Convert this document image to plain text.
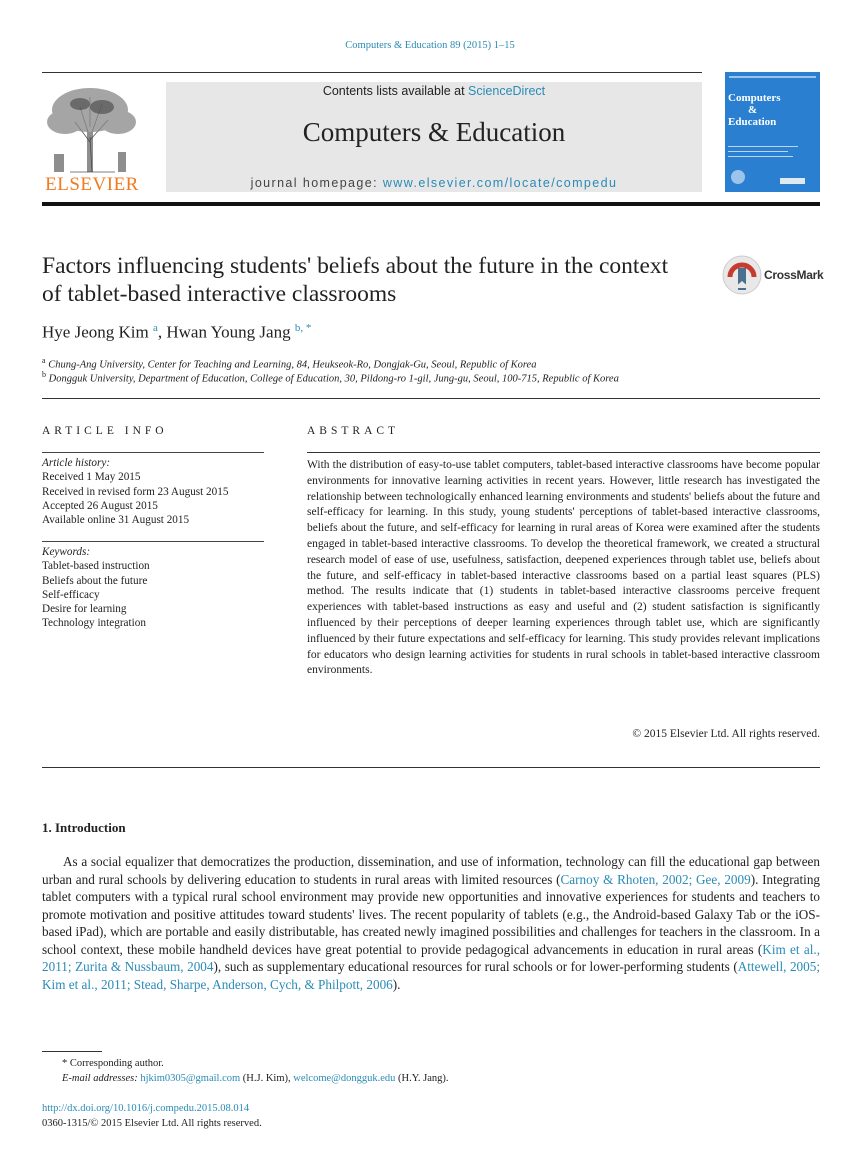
Computers & Education 89 (2015) 1–15
ELSEVIER
Contents lists available at ScienceDirect
Computers & Education
journal homepage: www.elsevier.com/locate/compedu
Computers
&
Education
Factors influencing students' beliefs about the future in the context of tablet-based interactive classrooms
CrossMark
Hye Jeong Kim $^a$, Hwan Young Jang $^{b, *}$
$^a$ Chung-Ang University, Center for Teaching and Learning, 84, Heukseok-Ro, Dongjak-Gu, Seoul, Republic of Korea
$^b$ Dongguk University, Department of Education, College of Education, 30, Pildong-ro 1-gil, Jung-gu, Seoul, 100-715, Republic of Korea
ARTICLE INFO
Article history:
Received 1 May 2015
Received in revised form 23 August 2015
Accepted 26 August 2015
Available online 31 August 2015
Keywords:
Tablet-based instruction
Beliefs about the future
Self-efficacy
Desire for learning
Technology integration
ABSTRACT
With the distribution of easy-to-use tablet computers, tablet-based interactive classrooms have become popular environments for innovative learning activities in recent years. However, little research has investigated the relationship between technologically enhanced learning environments and students' beliefs about the future and self-efficacy for learning. In this study, young students' perceptions of tablet-based interactive classrooms, beliefs about the future, and self-efficacy for learning in rural areas of Korea were examined after the students engaged in tablet-based interactive classrooms. To develop the theoretical framework, we created a structural research model of ease of use, usefulness, satisfaction, deepened experiences through tablet use, beliefs about the future, and self-efficacy in tablet-based interactive classrooms based on a partial least squares (PLS) method. The results indicate that (1) students in tablet-based interactive classrooms perceive frequent experiences with tablet-based instructions as easy and useful and (2) student satisfaction is significantly influenced by their perceptions of deeper learning experiences through tablet use, which are significantly influenced by their future expectations and self-efficacy for learning. This study provides relevant implications for educators who design learning activities for students in rural schools in tablet-based interactive classroom environments.
© 2015 Elsevier Ltd. All rights reserved.
1. Introduction
As a social equalizer that democratizes the production, dissemination, and use of information, technology can fill the educational gap between urban and rural schools by delivering education to students in rural areas with limited resources (Carnoy & Rhoten, 2002; Gee, 2009). Integrating tablet computers with a typical rural school environment may provide new opportunities and innovative experiences for students and teachers to promote motivation and positive attitudes toward students' lives. The recent popularity of tablets (e.g., the Android-based Galaxy Tab or the iOS-based iPad), which are portable and easily distributable, has created newly imagined possibilities and challenges for teachers in the classroom. In a school context, these mobile handheld devices have great potential to provide pedagogical advancements in education in rural areas (Kim et al., 2011; Zurita & Nussbaum, 2004), such as supplementary educational resources for rural schools or for lower-performing students (Attewell, 2005; Kim et al., 2011; Stead, Sharpe, Anderson, Cych, & Philpott, 2006).
* Corresponding author.
E-mail addresses: hjkim0305@gmail.com (H.J. Kim), welcome@dongguk.edu (H.Y. Jang).
http://dx.doi.org/10.1016/j.compedu.2015.08.014
0360-1315/© 2015 Elsevier Ltd. All rights reserved.
